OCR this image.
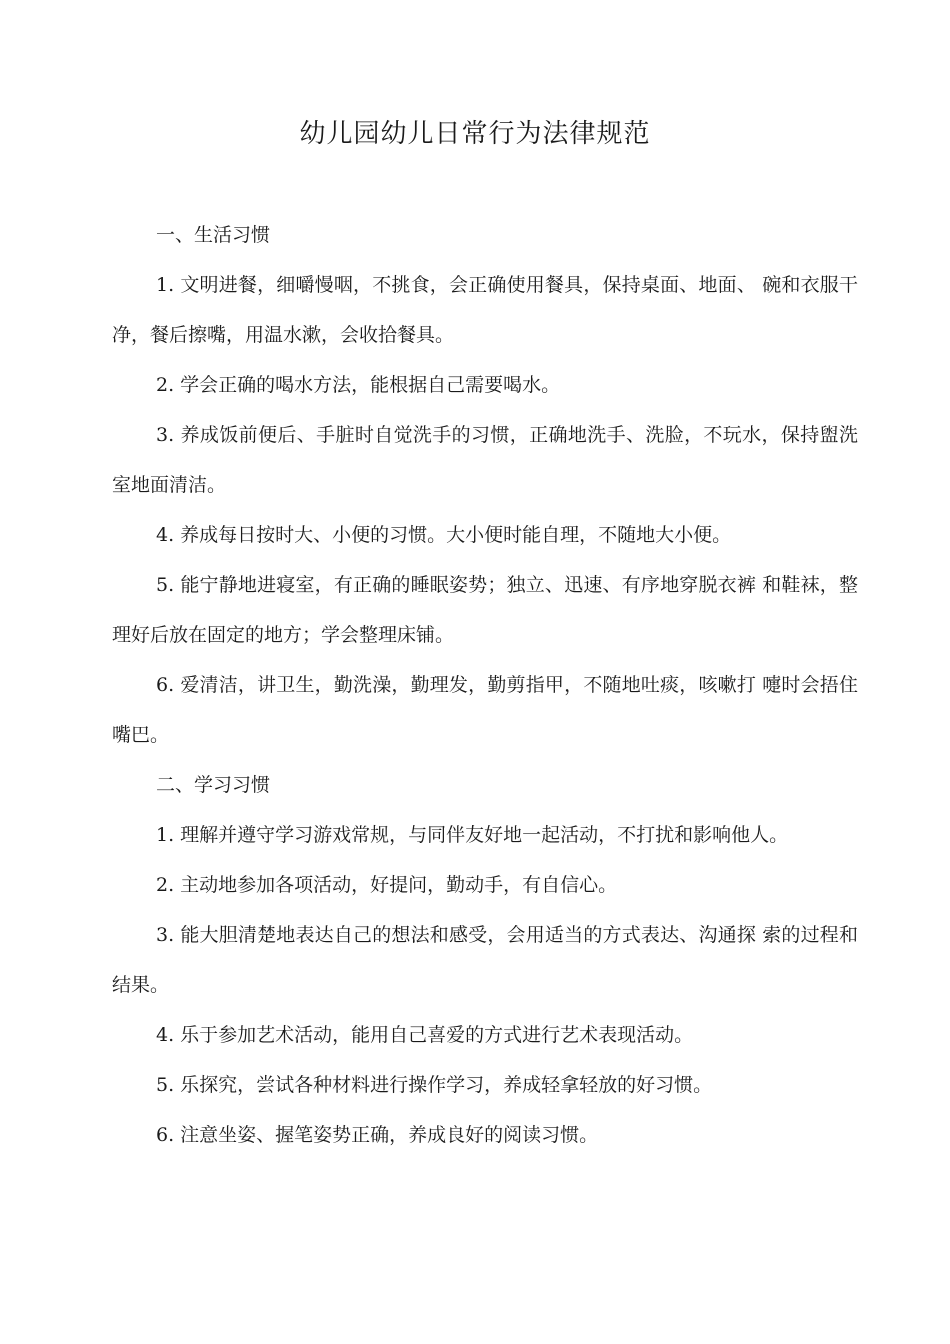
幼儿园幼儿日常行为法律规范
一、生活习惯
1. 文明进餐，细嚼慢咽，不挑食，会正确使用餐具，保持桌面、地面、 碗和衣服干净，餐后擦嘴，用温水漱，会收拾餐具。
2. 学会正确的喝水方法，能根据自己需要喝水。
3. 养成饭前便后、手脏时自觉洗手的习惯，正确地洗手、洗脸，不玩水，保持盥洗室地面清洁。
4. 养成每日按时大、小便的习惯。大小便时能自理，不随地大小便。
5. 能宁静地进寝室，有正确的睡眠姿势；独立、迅速、有序地穿脱衣裤 和鞋袜，整理好后放在固定的地方；学会整理床铺。
6. 爱清洁，讲卫生，勤洗澡，勤理发，勤剪指甲，不随地吐痰，咳嗽打 嚏时会捂住嘴巴。
二、学习习惯
1. 理解并遵守学习游戏常规，与同伴友好地一起活动，不打扰和影响他人。
2. 主动地参加各项活动，好提问，勤动手，有自信心。
3. 能大胆清楚地表达自己的想法和感受，会用适当的方式表达、沟通探 索的过程和结果。
4. 乐于参加艺术活动，能用自己喜爱的方式进行艺术表现活动。
5. 乐探究，尝试各种材料进行操作学习，养成轻拿轻放的好习惯。
6. 注意坐姿、握笔姿势正确，养成良好的阅读习惯。
